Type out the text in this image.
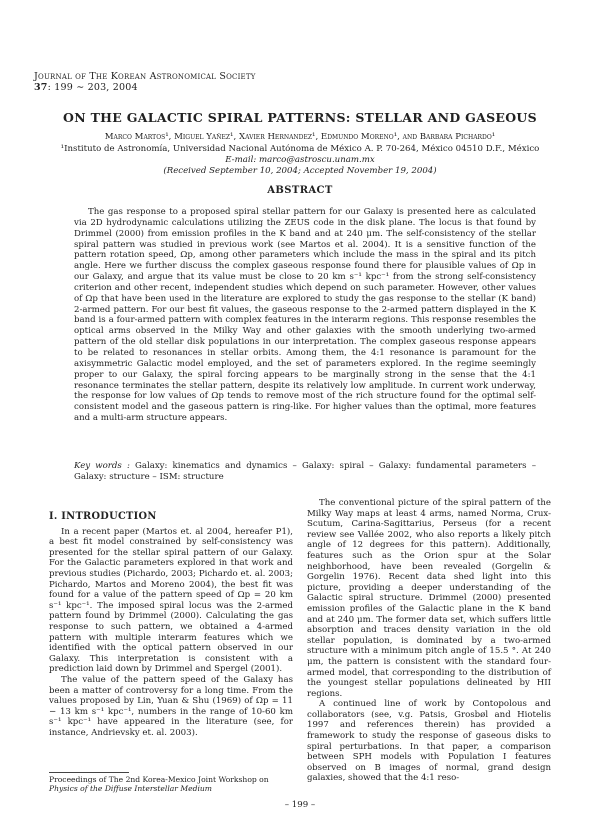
Journal of The Korean Astronomical Society
37: 199 ∼ 203, 2004
ON THE GALACTIC SPIRAL PATTERNS: STELLAR AND GASEOUS
Marco Martos¹, Miguel Yañez¹, Xavier Hernandez¹, Edmundo Moreno¹, and Barbara Pichardo¹
¹Instituto de Astronomía, Universidad Nacional Autónoma de México A. P. 70-264, México 04510 D.F., México
E-mail: marco@astroscu.unam.mx
(Received September 10, 2004; Accepted November 19, 2004)
ABSTRACT

The gas response to a proposed spiral stellar pattern for our Galaxy is presented here as calculated via 2D hydrodynamic calculations utilizing the ZEUS code in the disk plane. The locus is that found by Drimmel (2000) from emission profiles in the K band and at 240 μm. The self-consistency of the stellar spiral pattern was studied in previous work (see Martos et al. 2004). It is a sensitive function of the pattern rotation speed, Ωp, among other parameters which include the mass in the spiral and its pitch angle. Here we further discuss the complex gaseous response found there for plausible values of Ωp in our Galaxy, and argue that its value must be close to 20 km s⁻¹ kpc⁻¹ from the strong self-consistency criterion and other recent, independent studies which depend on such parameter. However, other values of Ωp that have been used in the literature are explored to study the gas response to the stellar (K band) 2-armed pattern. For our best fit values, the gaseous response to the 2-armed pattern displayed in the K band is a four-armed pattern with complex features in the interarm regions. This response resembles the optical arms observed in the Milky Way and other galaxies with the smooth underlying two-armed pattern of the old stellar disk populations in our interpretation. The complex gaseous response appears to be related to resonances in stellar orbits. Among them, the 4:1 resonance is paramount for the axisymmetric Galactic model employed, and the set of parameters explored. In the regime seemingly proper to our Galaxy, the spiral forcing appears to be marginally strong in the sense that the 4:1 resonance terminates the stellar pattern, despite its relatively low amplitude. In current work underway, the response for low values of Ωp tends to remove most of the rich structure found for the optimal self-consistent model and the gaseous pattern is ring-like. For higher values than the optimal, more features and a multi-arm structure appears.

Key words : Galaxy: kinematics and dynamics – Galaxy: spiral – Galaxy: fundamental parameters – Galaxy: structure – ISM: structure
I. INTRODUCTION

In a recent paper (Martos et. al 2004, hereafer P1), a best fit model constrained by self-consistency was presented for the stellar spiral pattern of our Galaxy. For the Galactic parameters explored in that work and previous studies (Pichardo, 2003; Pichardo et. al. 2003; Pichardo, Martos and Moreno 2004), the best fit was found for a value of the pattern speed of Ωp = 20 km s⁻¹ kpc⁻¹. The imposed spiral locus was the 2-armed pattern found by Drimmel (2000). Calculating the gas response to such pattern, we obtained a 4-armed pattern with multiple interarm features which we identified with the optical pattern observed in our Galaxy. This interpretation is consistent with a prediction laid down by Drimmel and Spergel (2001).

The value of the pattern speed of the Galaxy has been a matter of controversy for a long time. From the values proposed by Lin, Yuan & Shu (1969) of Ωp = 11 − 13 km s⁻¹ kpc⁻¹, numbers in the range of 10-60 km s⁻¹ kpc⁻¹ have appeared in the literature (see, for instance, Andrievsky et. al. 2003).

The conventional picture of the spiral pattern of the Milky Way maps at least 4 arms, named Norma, Crux-Scutum, Carina-Sagittarius, Perseus (for a recent review see Vallée 2002, who also reports a likely pitch angle of 12 degrees for this pattern). Additionally, features such as the Orion spur at the Solar neighborhood, have been revealed (Gorgelin & Gorgelin 1976). Recent data shed light into this picture, providing a deeper understanding of the Galactic spiral structure. Drimmel (2000) presented emission profiles of the Galactic plane in the K band and at 240 μm. The former data set, which suffers little absorption and traces density variation in the old stellar population, is dominated by a two-armed structure with a minimum pitch angle of 15.5 °. At 240 μm, the pattern is consistent with the standard four-armed model, that corresponding to the distribution of the youngest stellar populations delineated by HII regions.

A continued line of work by Contopolous and collaborators (see, v.g. Patsis, Grosbøl and Hiotelis 1997 and references therein) has provided a framework to study the response of gaseous disks to spiral perturbations. In that paper, a comparison between SPH models with Population I features observed on B images of normal, grand design galaxies, showed that the 4:1 reso-

Proceedings of The 2nd Korea-Mexico Joint Workshop on
Physics of the Diffuse Interstellar Medium
– 199 –
